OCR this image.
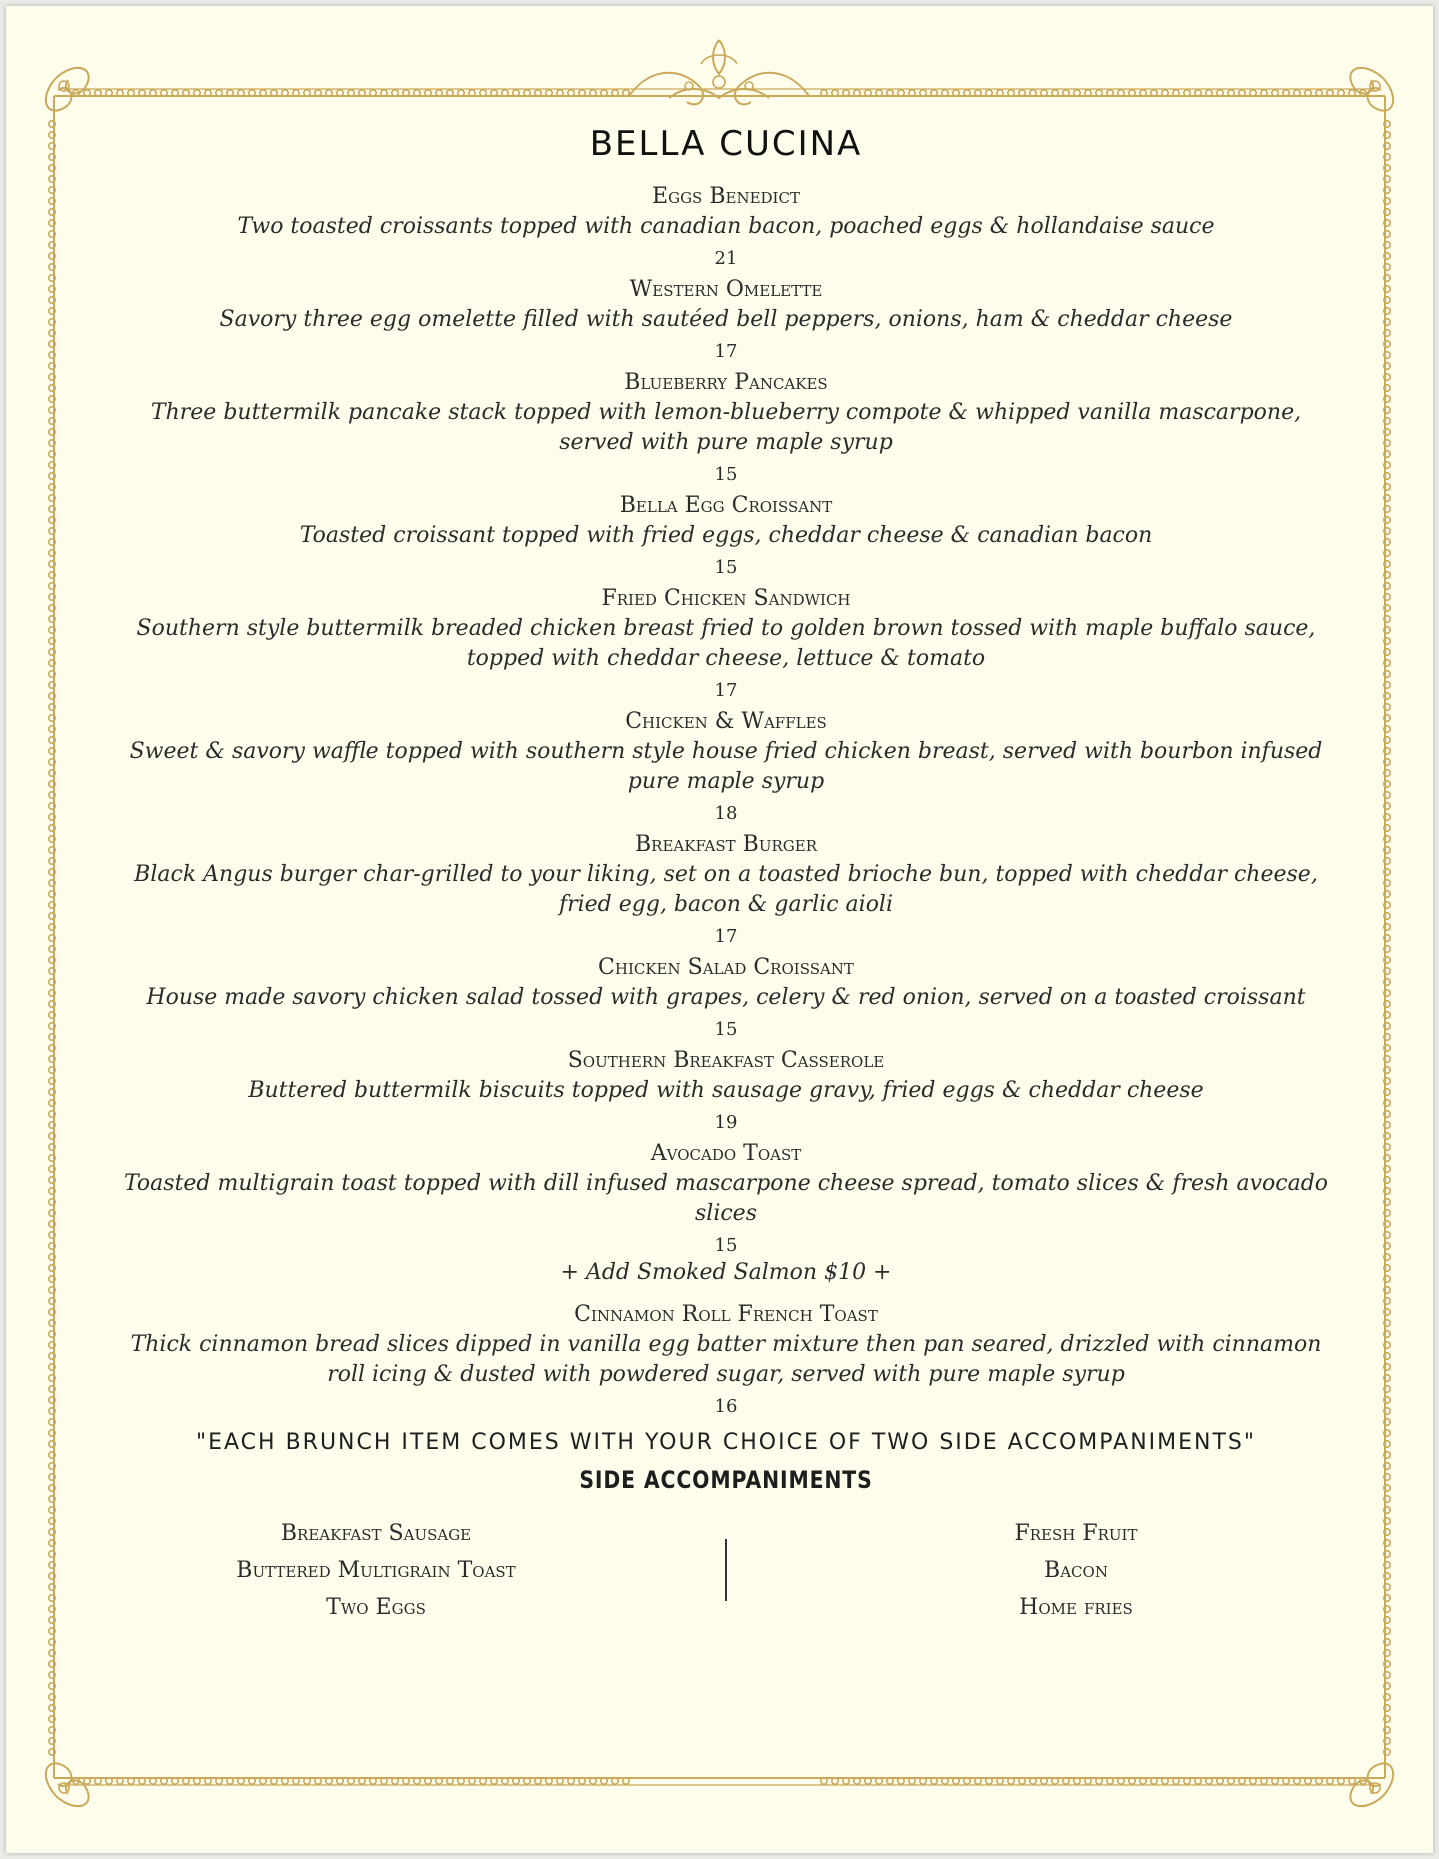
BELLA CUCINA
Eggs Benedict
Two toasted croissants topped with canadian bacon, poached eggs & hollandaise sauce
21
Western Omelette
Savory three egg omelette filled with sautéed bell peppers, onions, ham & cheddar cheese
17
Blueberry Pancakes
Three buttermilk pancake stack topped with lemon-blueberry compote & whipped vanilla mascarpone,
served with pure maple syrup
15
Bella Egg Croissant
Toasted croissant topped with fried eggs, cheddar cheese & canadian bacon
15
Fried Chicken Sandwich
Southern style buttermilk breaded chicken breast fried to golden brown tossed with maple buffalo sauce,
topped with cheddar cheese, lettuce & tomato
17
Chicken & Waffles
Sweet & savory waffle topped with southern style house fried chicken breast, served with bourbon infused
pure maple syrup
18
Breakfast Burger
Black Angus burger char-grilled to your liking, set on a toasted brioche bun, topped with cheddar cheese,
fried egg, bacon & garlic aioli
17
Chicken Salad Croissant
House made savory chicken salad tossed with grapes, celery & red onion, served on a toasted croissant
15
Southern Breakfast Casserole
Buttered buttermilk biscuits topped with sausage gravy, fried eggs & cheddar cheese
19
Avocado Toast
Toasted multigrain toast topped with dill infused mascarpone cheese spread, tomato slices & fresh avocado
slices
15
+ Add Smoked Salmon $10 +
Cinnamon Roll French Toast
Thick cinnamon bread slices dipped in vanilla egg batter mixture then pan seared, drizzled with cinnamon
roll icing & dusted with powdered sugar, served with pure maple syrup
16
"EACH BRUNCH ITEM COMES WITH YOUR CHOICE OF TWO SIDE ACCOMPANIMENTS"
SIDE ACCOMPANIMENTS
Breakfast Sausage
Buttered Multigrain Toast
Two Eggs
Fresh Fruit
Bacon
Home fries
